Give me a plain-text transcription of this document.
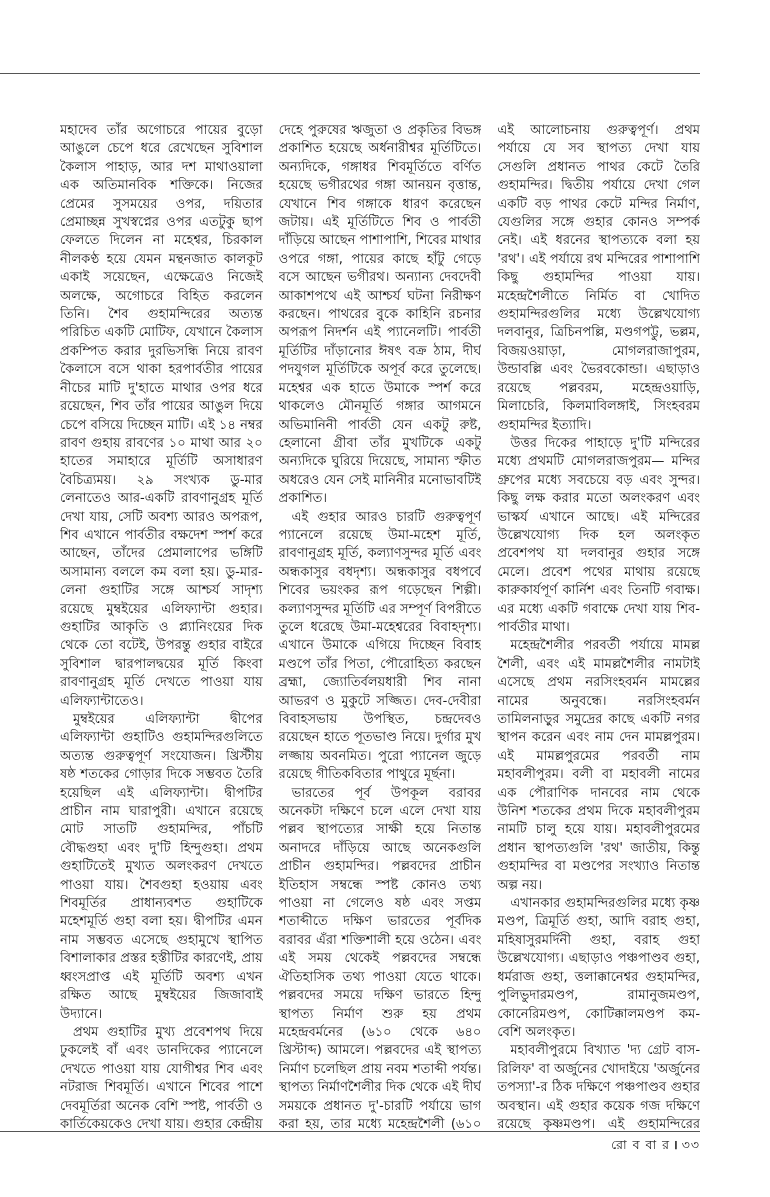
মহাদেব তাঁর অগোচরে পায়ের বুড়ো আঙুলে চেপে ধরে রেখেছেন সুবিশাল কৈলাস পাহাড়, আর দশ মাথাওয়ালা এক অতিমানবিক শক্তিকে। নিজের প্রেমের সুসময়ের ওপর, দয়িতার প্রেমাচ্ছন্ন সুখস্বপ্নের ওপর এতটুকু ছাপ ফেলতে দিলেন না মহেশ্বর, চিরকাল নীলকণ্ঠ হয়ে যেমন মন্থনজাত কালকূট একাই সয়েছেন, এক্ষেত্রেও নিজেই অলক্ষে, অগোচরে বিহিত করলেন তিনি। শৈব গুহামন্দিরের অত্যন্ত পরিচিত একটি মোটিফ, যেখানে কৈলাস প্রকম্পিত করার দুরভিসন্ধি নিয়ে রাবণ কৈলাসে বসে থাকা হরপার্বতীর পায়ের নীচের মাটি দু'হাতে মাথার ওপর ধরে রয়েছেন, শিব তাঁর পায়ের আঙুল দিয়ে চেপে বসিয়ে দিচ্ছেন মাটি। এই ১৪ নম্বর রাবণ গুহায় রাবণের ১০ মাথা আর ২০ হাতের সমাহারে মূর্তিটি অসাধারণ বৈচিত্র্যময়। ২৯ সংখ্যক ডু-মার লেনাতেও আর-একটি রাবণানুগ্রহ মূর্তি দেখা যায়, সেটি অবশ্য আরও অপরূপ, শিব এখানে পার্বতীর বক্ষদেশ স্পর্শ করে আছেন, তাঁদের প্রেমালাপের ভঙ্গিটি অসামান্য বললে কম বলা হয়। ডু-মার-লেনা গুহাটির সঙ্গে আশ্চর্য সাদৃশ্য রয়েছে মুম্বইয়ের এলিফ্যান্টা গুহার। গুহাটির আকৃতি ও প্ল্যানিংয়ের দিক থেকে তো বটেই, উপরন্তু গুহার বাইরে সুবিশাল দ্বারপালদ্বয়ের মূর্তি কিংবা রাবণানুগ্রহ মূর্তি দেখতে পাওয়া যায় এলিফ্যান্টাতেও।

মুম্বইয়ের এলিফ্যান্টা দ্বীপের এলিফ্যান্টা গুহাটিও গুহামন্দিরগুলিতে অত্যন্ত গুরুত্বপূর্ণ সংযোজন। খ্রিস্টীয় ষষ্ঠ শতকের গোড়ার দিকে সম্ভবত তৈরি হয়েছিল এই এলিফ্যান্টা। দ্বীপটির প্রাচীন নাম ঘারাপুরী। এখানে রয়েছে মোট সাতটি গুহামন্দির, পাঁচটি বৌদ্ধগুহা এবং দু'টি হিন্দুগুহা। প্রথম গুহাটিতেই মুখ্যত অলংকরণ দেখতে পাওয়া যায়। শৈবগুহা হওয়ায় এবং শিবমূর্তির প্রাধান্যবশত গুহাটিকে মহেশমূর্তি গুহা বলা হয়। দ্বীপটির এমন নাম সম্ভবত এসেছে গুহামুখে স্থাপিত বিশালাকার প্রস্তর হস্তীটির কারণেই, প্রায় ধ্বংসপ্রাপ্ত এই মূর্তিটি অবশ্য এখন রক্ষিত আছে মুম্বইয়ের জিজাবাই উদ্যানে।

প্রথম গুহাটির মুখ্য প্রবেশপথ দিয়ে ঢুকলেই বাঁ এবং ডানদিকের প্যানেলে দেখতে পাওয়া যায় যোগীশ্বর শিব এবং নটরাজ শিবমূর্তি। এখানে শিবের পাশে দেবমূর্তিরা অনেক বেশি স্পষ্ট, পার্বতী ও কার্তিকেয়কেও দেখা যায়। গুহার কেন্দ্রীয়

দেহে পুরুষের ঋজুতা ও প্রকৃতির বিভঙ্গ প্রকাশিত হয়েছে অর্ধনারীশ্বর মূর্তিটিতে। অন্যদিকে, গঙ্গাধর শিবমূর্তিতে বর্ণিত হয়েছে ভগীরথের গঙ্গা আনয়ন বৃত্তান্ত, যেখানে শিব গঙ্গাকে ধারণ করেছেন জটায়। এই মূর্তিটিতে শিব ও পার্বতী দাঁড়িয়ে আছেন পাশাপাশি, শিবের মাথার ওপরে গঙ্গা, পায়ের কাছে হাঁটু গেড়ে বসে আছেন ভগীরথ। অন্যান্য দেবদেবী আকাশপথে এই আশ্চর্য ঘটনা নিরীক্ষণ করছেন। পাথরের বুকে কাহিনি রচনার অপরূপ নিদর্শন এই প্যানেলটি। পার্বতী মূর্তিটির দাঁড়ানোর ঈষৎ বক্র ঠাম, দীর্ঘ পদযুগল মূর্তিটিকে অপূর্ব করে তুলেছে। মহেশ্বর এক হাতে উমাকে স্পর্শ করে থাকলেও মৌনমূর্তি গঙ্গার আগমনে অভিমানিনী পার্বতী যেন একটু রুষ্ট, হেলানো গ্রীবা তাঁর মুখটিকে একটু অন্যদিকে ঘুরিয়ে দিয়েছে, সামান্য স্ফীত অধরেও যেন সেই মানিনীর মনোভাবটিই প্রকাশিত।

এই গুহার আরও চারটি গুরুত্বপূর্ণ প্যানেলে রয়েছে উমা-মহেশ মূর্তি, রাবণানুগ্রহ মূর্তি, কল্যাণসুন্দর মূর্তি এবং অন্ধকাসুর বধদৃশ্য। অন্ধকাসুর বধপর্বে শিবের ভয়ংকর রূপ গড়েছেন শিল্পী। কল্যাণসুন্দর মূর্তিটি এর সম্পূর্ণ বিপরীতে তুলে ধরেছে উমা-মহেশ্বরের বিবাহদৃশ্য। এখানে উমাকে এগিয়ে দিচ্ছেন বিবাহ মণ্ডপে তাঁর পিতা, পৌরোহিত্য করছেন ব্রহ্মা, জ্যোতির্বলয়ধারী শিব নানা আভরণ ও মুকুটে সজ্জিত। দেব-দেবীরা বিবাহসভায় উপস্থিত, চন্দ্রদেবও রয়েছেন হাতে পূতভাণ্ড নিয়ে। দুর্গার মুখ লজ্জায় অবনমিত। পুরো প্যানেল জুড়ে রয়েছে গীতিকবিতার পাথুরে মূর্ছনা।

ভারতের পূর্ব উপকূল বরাবর অনেকটা দক্ষিণে চলে এলে দেখা যায় পল্লব স্থাপত্যের সাক্ষী হয়ে নিতান্ত অনাদরে দাঁড়িয়ে আছে অনেকগুলি প্রাচীন গুহামন্দির। পল্লবদের প্রাচীন ইতিহাস সম্বন্ধে স্পষ্ট কোনও তথ্য পাওয়া না গেলেও ষষ্ঠ এবং সপ্তম শতাব্দীতে দক্ষিণ ভারতের পূর্বদিক বরাবর এঁরা শক্তিশালী হয়ে ওঠেন। এবং এই সময় থেকেই পল্লবদের সম্বন্ধে ঐতিহাসিক তথ্য পাওয়া যেতে থাকে। পল্লবদের সময়ে দক্ষিণ ভারতে হিন্দু স্থাপত্য নির্মাণ শুরু হয় প্রথম মহেন্দ্রবর্মনের (৬১০ থেকে ৬৪০ খ্রিস্টাব্দ) আমলে। পল্লবদের এই স্থাপত্য নির্মাণ চলেছিল প্রায় নবম শতাব্দী পর্যন্ত। স্থাপত্য নির্মাণশৈলীর দিক থেকে এই দীর্ঘ সময়কে প্রধানত দু'-চারটি পর্যায়ে ভাগ করা হয়, তার মধ্যে মহেন্দ্রশৈলী (৬১০

এই আলোচনায় গুরুত্বপূর্ণ। প্রথম পর্যায়ে যে সব স্থাপত্য দেখা যায় সেগুলি প্রধানত পাথর কেটে তৈরি গুহামন্দির। দ্বিতীয় পর্যায়ে দেখা গেল একটি বড় পাথর কেটে মন্দির নির্মাণ, যেগুলির সঙ্গে গুহার কোনও সম্পর্ক নেই। এই ধরনের স্থাপত্যকে বলা হয় 'রথ'। এই পর্যায়ে রথ মন্দিরের পাশাপাশি কিছু গুহামন্দির পাওয়া যায়। মহেন্দ্রশৈলীতে নির্মিত বা খোদিত গুহামন্দিরগুলির মধ্যে উল্লেখযোগ্য দলবানুর, ত্রিচিনপল্লি, মণ্ডগপট্টু, ভল্লম, বিজয়ওয়াড়া, মোগলরাজাপুরম, উন্ডাবল্লি এবং ভৈরবকোন্ডা। এছাড়াও রয়েছে পল্লবরম, মহেন্দ্রওয়াড়ি, মিলাচেরি, কিলমাবিলঙ্গাই, সিংহবরম গুহামন্দির ইত্যাদি।

উত্তর দিকের পাহাড়ে দু'টি মন্দিরের মধ্যে প্রথমটি মোগলরাজপুরম— মন্দির গ্রুপের মধ্যে সবচেয়ে বড় এবং সুন্দর। কিছু লক্ষ করার মতো অলংকরণ এবং ভাস্কর্য এখানে আছে। এই মন্দিরের উল্লেখযোগ্য দিক হল অলংকৃত প্রবেশপথ যা দলবানুর গুহার সঙ্গে মেলে। প্রবেশ পথের মাথায় রয়েছে কারুকার্যপূর্ণ কার্নিশ এবং তিনটি গবাক্ষ। এর মধ্যে একটি গবাক্ষে দেখা যায় শিব-পার্বতীর মাথা।

মহেন্দ্রশৈলীর পরবর্তী পর্যায়ে মামল্ল শৈলী, এবং এই মামল্লশৈলীর নামটাই এসেছে প্রথম নরসিংহবর্মন মামল্লের নামের অনুবন্ধে। নরসিংহবর্মন তামিলনাড়ুর সমুদ্রের কাছে একটি নগর স্থাপন করেন এবং নাম দেন মামল্লপুরম। এই মামল্লপুরমের পরবর্তী নাম মহাবলীপুরম। বলী বা মহাবলী নামের এক পৌরাণিক দানবের নাম থেকে উনিশ শতকের প্রথম দিকে মহাবলীপুরম নামটি চালু হয়ে যায়। মহাবলীপুরমের প্রধান স্থাপত্যগুলি 'রথ' জাতীয়, কিন্তু গুহামন্দির বা মণ্ডপের সংখ্যাও নিতান্ত অল্প নয়।

এখানকার গুহামন্দিরগুলির মধ্যে কৃষ্ণ মণ্ডপ, ত্রিমূর্তি গুহা, আদি বরাহ গুহা, মহিষাসুরমর্দিনী গুহা, বরাহ গুহা উল্লেখযোগ্য। এছাড়াও পঞ্চপাণ্ডব গুহা, ধর্মরাজ গুহা, ত্তলাক্কানেশ্বর গুহামন্দির, পুলিভুদারমণ্ডপ, রামানুজমণ্ডপ, কোনেরিমণ্ডপ, কোটিক্কালমণ্ডপ কম-বেশি অলংকৃত।

মহাবলীপুরমে বিখ্যাত 'দ্য গ্রেট বাস-রিলিফ' বা অর্জুনের খোদাইয়ে 'অর্জুনের তপস্যা'-র ঠিক দক্ষিণে পঞ্চপাণ্ডব গুহার অবস্থান। এই গুহার কয়েক গজ দক্ষিণে রয়েছে কৃষ্ণমণ্ডপ। এই গুহামন্দিরের

রো ব বা র । ৩৩
